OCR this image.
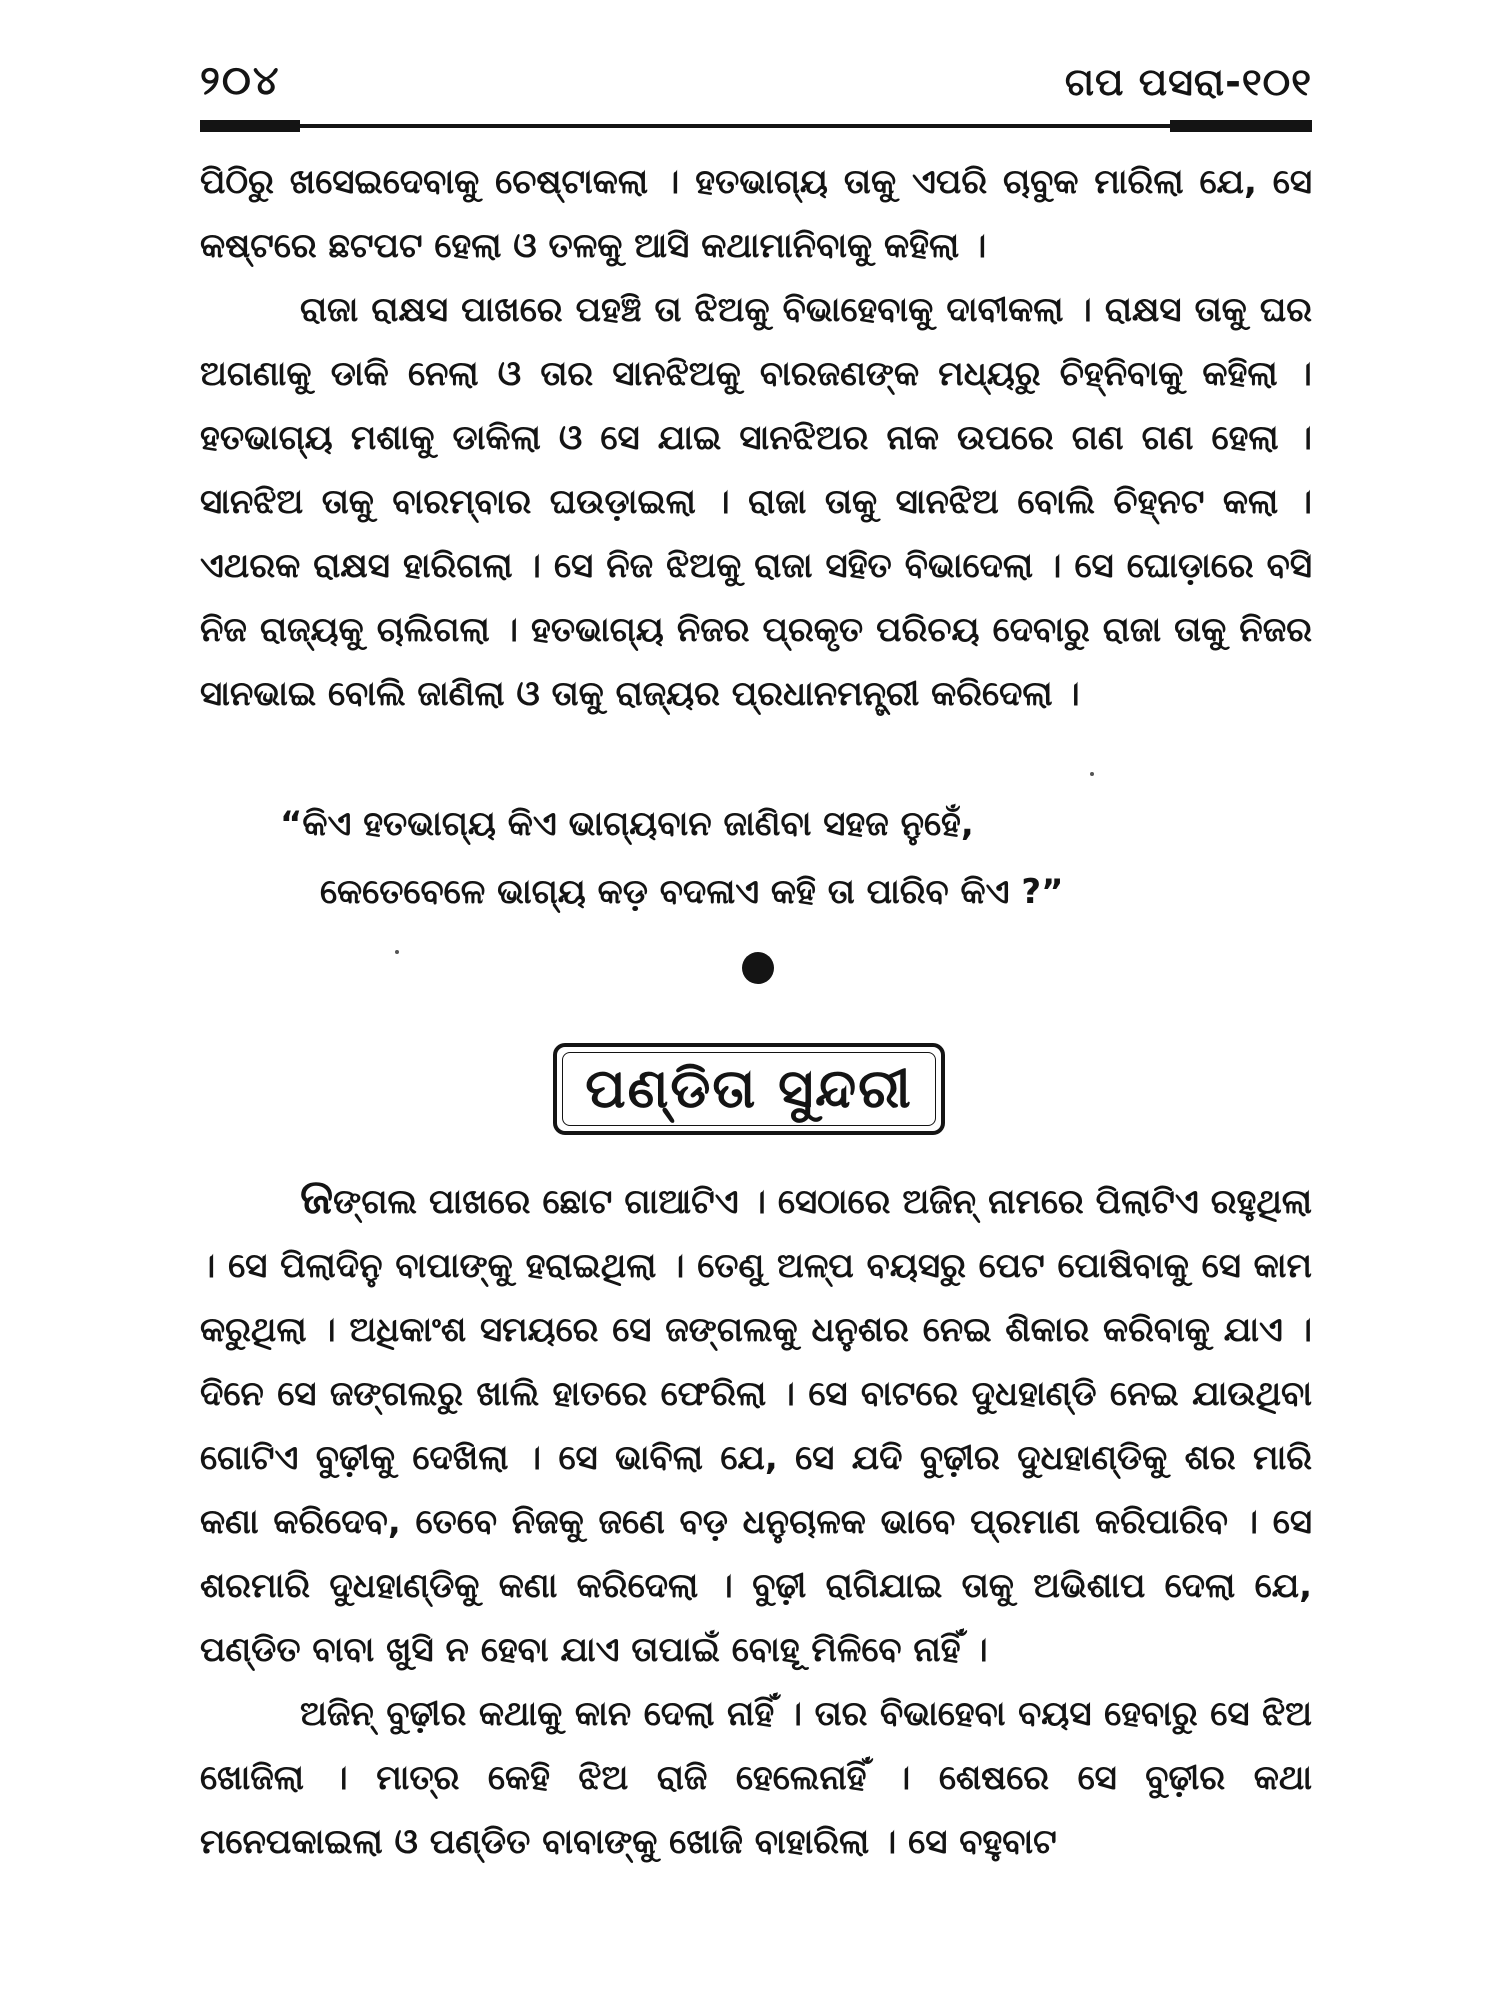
୨୦୪	ଗପ ପସରା-୧୦୧

ପିଠିରୁ ଖସେଇଦେବାକୁ ଚେଷ୍ଟାକଲା । ହତଭାଗ୍ୟ ତାକୁ ଏପରି ଚାବୁକ ମାରିଲା ଯେ, ସେ କଷ୍ଟରେ ଛଟପଟ ହେଲା ଓ ତଳକୁ ଆସି କଥାମାନିବାକୁ କହିଲା ।

ରାଜା ରାକ୍ଷସ ପାଖରେ ପହଞ୍ଚି ତା ଝିଅକୁ ବିଭାହେବାକୁ ଦାବୀକଲା । ରାକ୍ଷସ ତାକୁ ଘର ଅଗଣାକୁ ଡାକି ନେଲା ଓ ତାର ସାନଝିଅକୁ ବାରଜଣଙ୍କ ମଧ୍ୟରୁ ଚିହ୍ନିବାକୁ କହିଲା । ହତଭାଗ୍ୟ ମଶାକୁ ଡାକିଲା ଓ ସେ ଯାଇ ସାନଝିଅର ନାକ ଉପରେ ଗଣ ଗଣ ହେଲା । ସାନଝିଅ ତାକୁ ବାରମ୍ବାର ଘଉଡ଼ାଇଲା । ରାଜା ତାକୁ ସାନଝିଅ ବୋଲି ଚିହ୍ନଟ କଲା । ଏଥରକ ରାକ୍ଷସ ହାରିଗଲା । ସେ ନିଜ ଝିଅକୁ ରାଜା ସହିତ ବିଭାଦେଲା । ସେ ଘୋଡ଼ାରେ ବସି ନିଜ ରାଜ୍ୟକୁ ଚାଲିଗଲା । ହତଭାଗ୍ୟ ନିଜର ପ୍ରକୃତ ପରିଚୟ ଦେବାରୁ ରାଜା ତାକୁ ନିଜର ସାନଭାଇ ବୋଲି ଜାଣିଲା ଓ ତାକୁ ରାଜ୍ୟର ପ୍ରଧାନମନ୍ତ୍ରୀ କରିଦେଲା ।

“କିଏ ହତଭାଗ୍ୟ କିଏ ଭାଗ୍ୟବାନ ଜାଣିବା ସହଜ ନୁହେଁ,
କେତେବେଳେ ଭାଗ୍ୟ କଡ଼ ବଦଳାଏ କହି ତା ପାରିବ କିଏ ?”
ପଣ୍ଡିତା ସୁନ୍ଦରୀ

ଜଙ୍ଗଲ ପାଖରେ ଛୋଟ ଗାଆଟିଏ । ସେଠାରେ ଅଜିନ୍ ନାମରେ ପିଲାଟିଏ ରହୁଥିଲା । ସେ ପିଲାଦିନୁ ବାପାଙ୍କୁ ହରାଇଥିଲା । ତେଣୁ ଅଳ୍ପ ବୟସରୁ ପେଟ ପୋଷିବାକୁ ସେ କାମ କରୁଥିଲା । ଅଧିକାଂଶ ସମୟରେ ସେ ଜଙ୍ଗଲକୁ ଧନୁଶର ନେଇ ଶିକାର କରିବାକୁ ଯାଏ । ଦିନେ ସେ ଜଙ୍ଗଲରୁ ଖାଲି ହାତରେ ଫେରିଲା । ସେ ବାଟରେ ଦୁଧହାଣ୍ଡି ନେଇ ଯାଉଥିବା ଗୋଟିଏ ବୁଢ଼ୀକୁ ଦେଖିଲା । ସେ ଭାବିଲା ଯେ, ସେ ଯଦି ବୁଢ଼ୀର ଦୁଧହାଣ୍ଡିକୁ ଶର ମାରି କଣା କରିଦେବ, ତେବେ ନିଜକୁ ଜଣେ ବଡ଼ ଧନୁଚାଳକ ଭାବେ ପ୍ରମାଣ କରିପାରିବ । ସେ ଶରମାରି ଦୁଧହାଣ୍ଡିକୁ କଣା କରିଦେଲା । ବୁଢ଼ୀ ରାଗିଯାଇ ତାକୁ ଅଭିଶାପ ଦେଲା ଯେ, ପଣ୍ଡିତ ବାବା ଖୁସି ନ ହେବା ଯାଏ ତାପାଇଁ ବୋହୂ ମିଳିବେ ନାହିଁ ।

ଅଜିନ୍ ବୁଢ଼ୀର କଥାକୁ କାନ ଦେଲା ନାହିଁ । ତାର ବିଭାହେବା ବୟସ ହେବାରୁ ସେ ଝିଅ ଖୋଜିଲା । ମାତ୍ର କେହି ଝିଅ ରାଜି ହେଲେନାହିଁ । ଶେଷରେ ସେ ବୁଢ଼ୀର କଥା ମନେପକାଇଲା ଓ ପଣ୍ଡିତ ବାବାଙ୍କୁ ଖୋଜି ବାହାରିଲା । ସେ ବହୁବାଟ
